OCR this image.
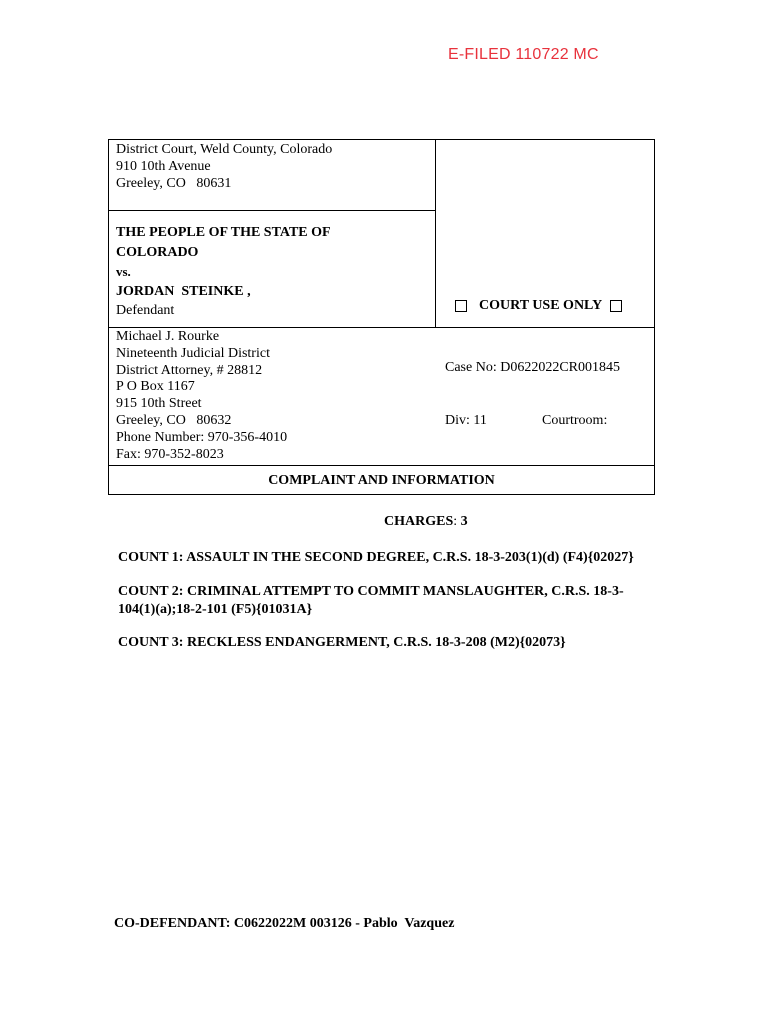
E-FILED 110722 MC
District Court, Weld County, Colorado
910 10th Avenue
Greeley, CO   80631
THE PEOPLE OF THE STATE OF
COLORADO
vs.
JORDAN  STEINKE ,
Defendant	COURT USE ONLY
Michael J. Rourke
Nineteenth Judicial District
District Attorney, # 28812
P O Box 1167
915 10th Street
Greeley, CO   80632
Phone Number: 970-356-4010
Fax: 970-352-8023
Case No: D0622022CR001845
Div: 11	Courtroom:
COMPLAINT AND INFORMATION
CHARGES: 3
COUNT 1: ASSAULT IN THE SECOND DEGREE, C.R.S. 18-3-203(1)(d) (F4){02027}
COUNT 2: CRIMINAL ATTEMPT TO COMMIT MANSLAUGHTER, C.R.S. 18-3-
104(1)(a);18-2-101 (F5){01031A}
COUNT 3: RECKLESS ENDANGERMENT, C.R.S. 18-3-208 (M2){02073}
CO-DEFENDANT: C0622022M 003126 - Pablo  Vazquez
